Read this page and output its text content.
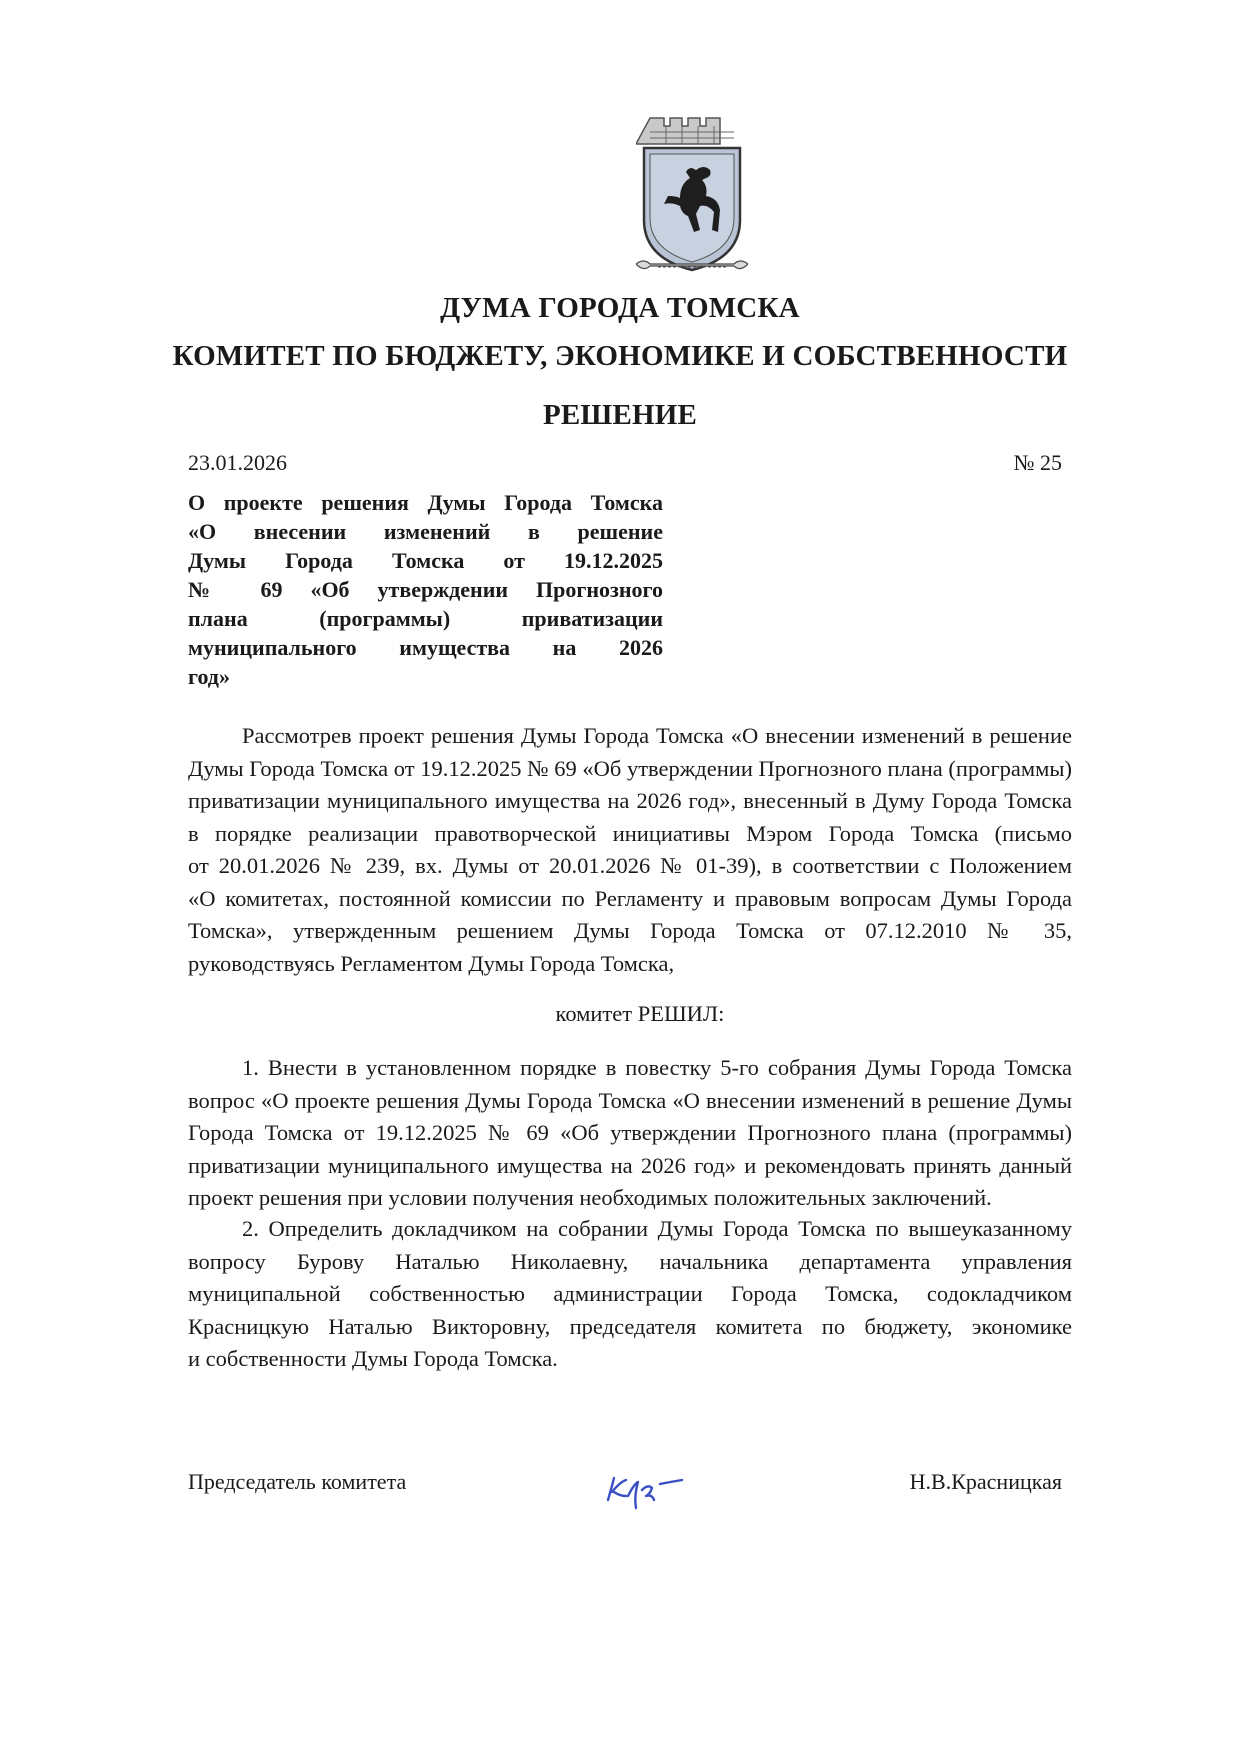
ДУМА ГОРОДА ТОМСКА
КОМИТЕТ ПО БЮДЖЕТУ, ЭКОНОМИКЕ И СОБСТВЕННОСТИ
РЕШЕНИЕ
23.01.2026	№ 25
О проекте решения Думы Города Томска
«О внесении изменений в решение
Думы Города Томска от 19.12.2025
№ 69 «Об утверждении Прогнозного
плана (программы) приватизации
муниципального имущества на 2026
год»
Рассмотрев проект решения Думы Города Томска «О внесении изменений в решение
Думы Города Томска от 19.12.2025 № 69 «Об утверждении Прогнозного плана (программы)
приватизации муниципального имущества на 2026 год», внесенный в Думу Города Томска
в порядке реализации правотворческой инициативы Мэром Города Томска (письмо
от 20.01.2026 № 239, вх. Думы от 20.01.2026 № 01-39), в соответствии с Положением
«О комитетах, постоянной комиссии по Регламенту и правовым вопросам Думы Города
Томска», утвержденным решением Думы Города Томска от 07.12.2010 № 35,
руководствуясь Регламентом Думы Города Томска,
комитет РЕШИЛ:
1. Внести в установленном порядке в повестку 5-го собрания Думы Города Томска
вопрос «О проекте решения Думы Города Томска «О внесении изменений в решение Думы
Города Томска от 19.12.2025 № 69 «Об утверждении Прогнозного плана (программы)
приватизации муниципального имущества на 2026 год» и рекомендовать принять данный
проект решения при условии получения необходимых положительных заключений.
2. Определить докладчиком на собрании Думы Города Томска по вышеуказанному
вопросу Бурову Наталью Николаевну, начальника департамента управления
муниципальной собственностью администрации Города Томска, содокладчиком
Красницкую Наталью Викторовну, председателя комитета по бюджету, экономике
и собственности Думы Города Томска.
Председатель комитета	Н.В.Красницкая
